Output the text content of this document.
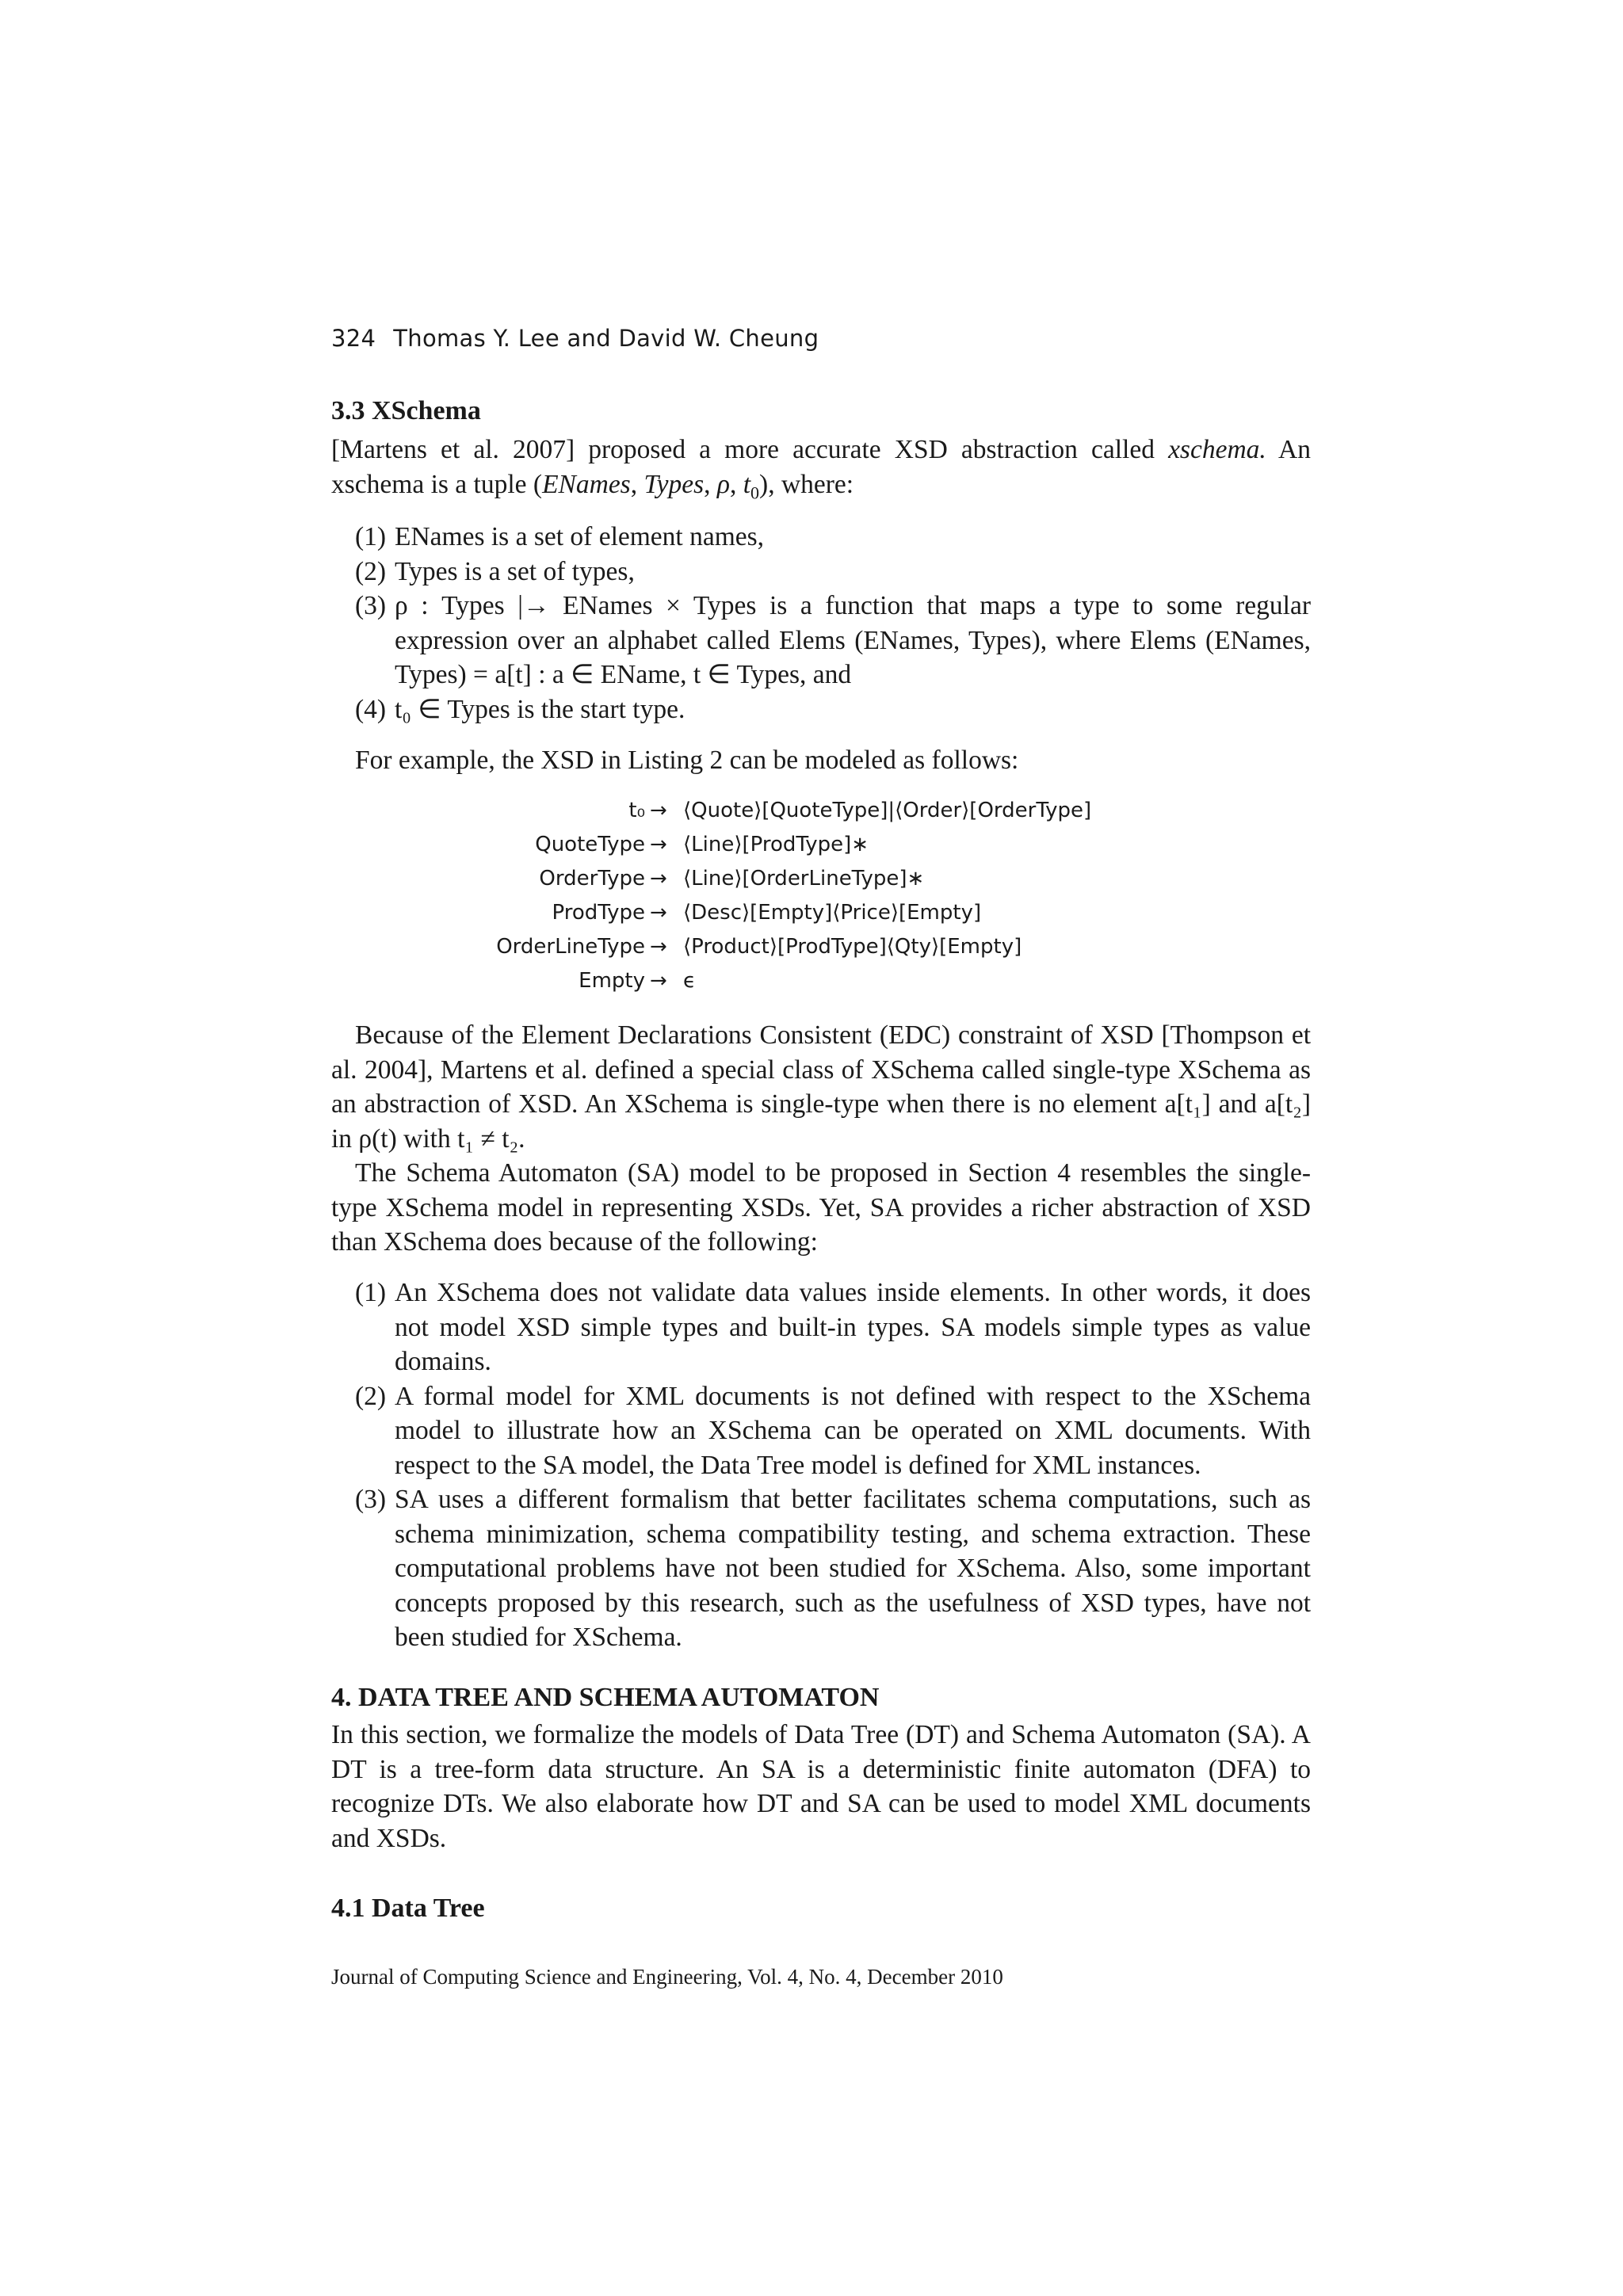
324 Thomas Y. Lee and David W. Cheung
3.3 XSchema
[Martens et al. 2007] proposed a more accurate XSD abstraction called xschema. An xschema is a tuple (ENames, Types, ρ, $t_0$), where:
(1) ENames is a set of element names,
(2) Types is a set of types,
(3) ρ : Types |→ ENames × Types is a function that maps a type to some regular expression over an alphabet called Elems (ENames, Types), where Elems (ENames, Types) = a[t] : a ∈ EName, t ∈ Types, and
(4) t₀ ∈ Types is the start type.
For example, the XSD in Listing 2 can be modeled as follows:
t₀ → ⟨Quote⟩[QuoteType]|⟨Order⟩[OrderType]
QuoteType → ⟨Line⟩[ProdType]∗
OrderType → ⟨Line⟩[OrderLineType]∗
ProdType → ⟨Desc⟩[Empty]⟨Price⟩[Empty]
OrderLineType → ⟨Product⟩[ProdType]⟨Qty⟩[Empty]
Empty → ϵ
Because of the Element Declarations Consistent (EDC) constraint of XSD [Thompson et al. 2004], Martens et al. defined a special class of XSchema called single-type XSchema as an abstraction of XSD. An XSchema is single-type when there is no element a[t₁] and a[t₂] in ρ(t) with t₁ ≠ t₂.
The Schema Automaton (SA) model to be proposed in Section 4 resembles the single-type XSchema model in representing XSDs. Yet, SA provides a richer abstraction of XSD than XSchema does because of the following:
(1) An XSchema does not validate data values inside elements. In other words, it does not model XSD simple types and built-in types. SA models simple types as value domains.
(2) A formal model for XML documents is not defined with respect to the XSchema model to illustrate how an XSchema can be operated on XML documents. With respect to the SA model, the Data Tree model is defined for XML instances.
(3) SA uses a different formalism that better facilitates schema computations, such as schema minimization, schema compatibility testing, and schema extraction. These computational problems have not been studied for XSchema. Also, some important concepts proposed by this research, such as the usefulness of XSD types, have not been studied for XSchema.
4. DATA TREE AND SCHEMA AUTOMATON
In this section, we formalize the models of Data Tree (DT) and Schema Automaton (SA). A DT is a tree-form data structure. An SA is a deterministic finite automaton (DFA) to recognize DTs. We also elaborate how DT and SA can be used to model XML documents and XSDs.
4.1 Data Tree
Journal of Computing Science and Engineering, Vol. 4, No. 4, December 2010
